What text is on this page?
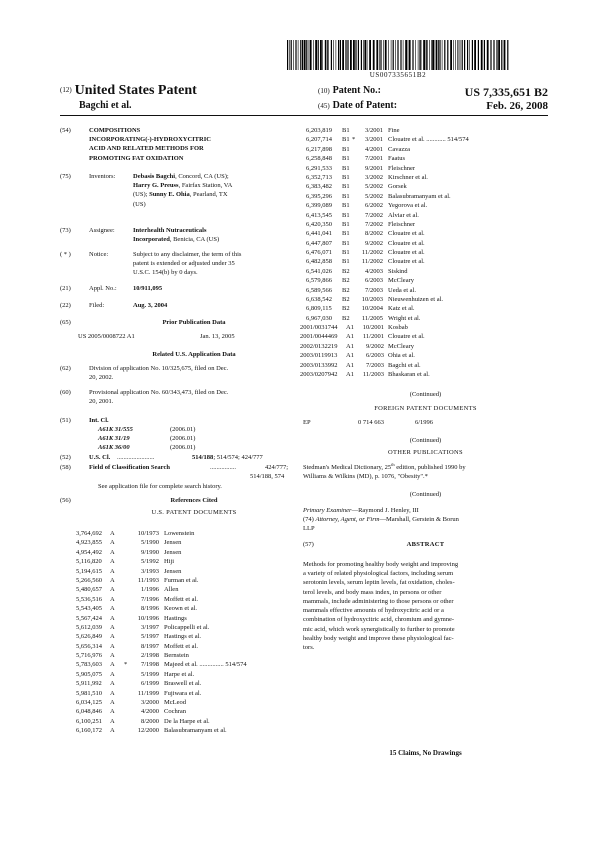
US007335651B2
(12) United States Patent
Bagchi et al.
(10) Patent No.:	US 7,335,651 B2
(45) Date of Patent:	Feb. 26, 2008
(54)	COMPOSITIONS
INCORPORATING(-)-HYDROXYCITRIC
ACID AND RELATED METHODS FOR
PROMOTING FAT OXIDATION
(75)	Inventors:	Debasis Bagchi, Concord, CA (US);
Harry G. Preuss, Fairfax Station, VA
(US); Sunny E. Ohia, Pearland, TX
(US)
(73)	Assignee:	Interhealth Nutraceuticals
Incorporated, Benicia, CA (US)
( * )	Notice:	Subject to any disclaimer, the term of this
patent is extended or adjusted under 35
U.S.C. 154(b) by 0 days.
(21)	Appl. No.:	10/911,095
(22)	Filed:	Aug. 3, 2004
(65)	Prior Publication Data
US 2005/0008722 A1	Jan. 13, 2005
Related U.S. Application Data
(62)	Division of application No. 10/325,675, filed on Dec.
20, 2002.
(60)	Provisional application No. 60/343,473, filed on Dec.
20, 2001.
(51)	Int. Cl.
A61K 31/555	(2006.01)
A61K 31/19	(2006.01)
A61K 36/00	(2006.01)
(52)	U.S. Cl. .......................	514/188; 514/574; 424/777
(58)	Field of Classification Search	................	424/777;
514/188, 574
See application file for complete search history.
(56)	References Cited
U.S. PATENT DOCUMENTS
3,764,692 A	10/1973 Lowenstein
4,923,855 A	5/1990 Jensen
4,954,492 A	9/1990 Jensen
5,116,820 A	5/1992 Hiji
5,194,615 A	3/1993 Jensen
5,266,560 A	11/1993 Furman et al.
5,480,657 A	1/1996 Allen
5,536,516 A	7/1996 Moffett et al.
5,543,405 A	8/1996 Keown et al.
5,567,424 A	10/1996 Hastings
5,612,039 A	3/1997 Policappelli et al.
5,626,849 A	5/1997 Hastings et al.
5,656,314 A	8/1997 Moffett et al.
5,716,976 A	2/1998 Bernstein
5,783,603 A *	7/1998 Majeed et al. ............... 514/574
5,905,075 A	5/1999 Harpe et al.
5,911,992 A	6/1999 Braswell et al.
5,981,510 A	11/1999 Fujiwara et al.
6,034,125 A	3/2000 McLeod
6,048,846 A	4/2000 Cochran
6,100,251 A	8/2000 De la Harpe et al.
6,160,172 A	12/2000 Balasubramanyam et al.
6,203,819 B1	3/2001 Fine
6,207,714 B1 *	3/2001 Clouatre et al. ............ 514/574
6,217,898 B1	4/2001 Cavazza
6,258,848 B1	7/2001 Faatus
6,291,533 B1	9/2001 Fleischner
6,352,713 B1	3/2002 Kirschner et al.
6,383,482 B1	5/2002 Gorsek
6,395,296 B1	5/2002 Balasubramanyam et al.
6,399,089 B1	6/2002 Yegorova et al.
6,413,545 B1	7/2002 Alviar et al.
6,420,350 B1	7/2002 Fleischner
6,441,041 B1	8/2002 Clouatre et al.
6,447,807 B1	9/2002 Clouatre et al.
6,476,071 B1	11/2002 Clouatre et al.
6,482,858 B1	11/2002 Clouatre et al.
6,541,026 B2	4/2003 Siskind
6,579,866 B2	6/2003 McCleary
6,589,566 B2	7/2003 Ueda et al.
6,638,542 B2	10/2003 Nieuwenhuizen et al.
6,809,115 B2	10/2004 Katz et al.
6,967,030 B2	11/2005 Wright et al.
2001/0031744 A1	10/2001 Kosbab
2001/0044469 A1	11/2001 Clouatre et al.
2002/0132219 A1	9/2002 McCleary
2003/0119913 A1	6/2003 Ohia et al.
2003/0133992 A1	7/2003 Bagchi et al.
2003/0207942 A1	11/2003 Bhaskaran et al.
(Continued)
FOREIGN PATENT DOCUMENTS
EP	0 714 663	6/1996
(Continued)
OTHER PUBLICATIONS
Stedman's Medical Dictionary, 25th edition, published 1990 by
Williams & Wilkins (MD), p. 1076, "Obesity".*
(Continued)
Primary Examiner—Raymond J. Henley, III
(74) Attorney, Agent, or Firm—Marshall, Gerstein & Borun
LLP
(57)	ABSTRACT
Methods for promoting healthy body weight and improving
a variety of related physiological factors, including serum
serotonin levels, serum leptin levels, fat oxidation, choles-
terol levels, and body mass index, in persons or other
mammals, include administering to those persons or other
mammals effective amounts of hydroxycitric acid or a
combination of hydroxycitric acid, chromium and gymne-
mic acid, which work synergistically to further to promote
healthy body weight and improve these physiological fac-
tors.
15 Claims, No Drawings
